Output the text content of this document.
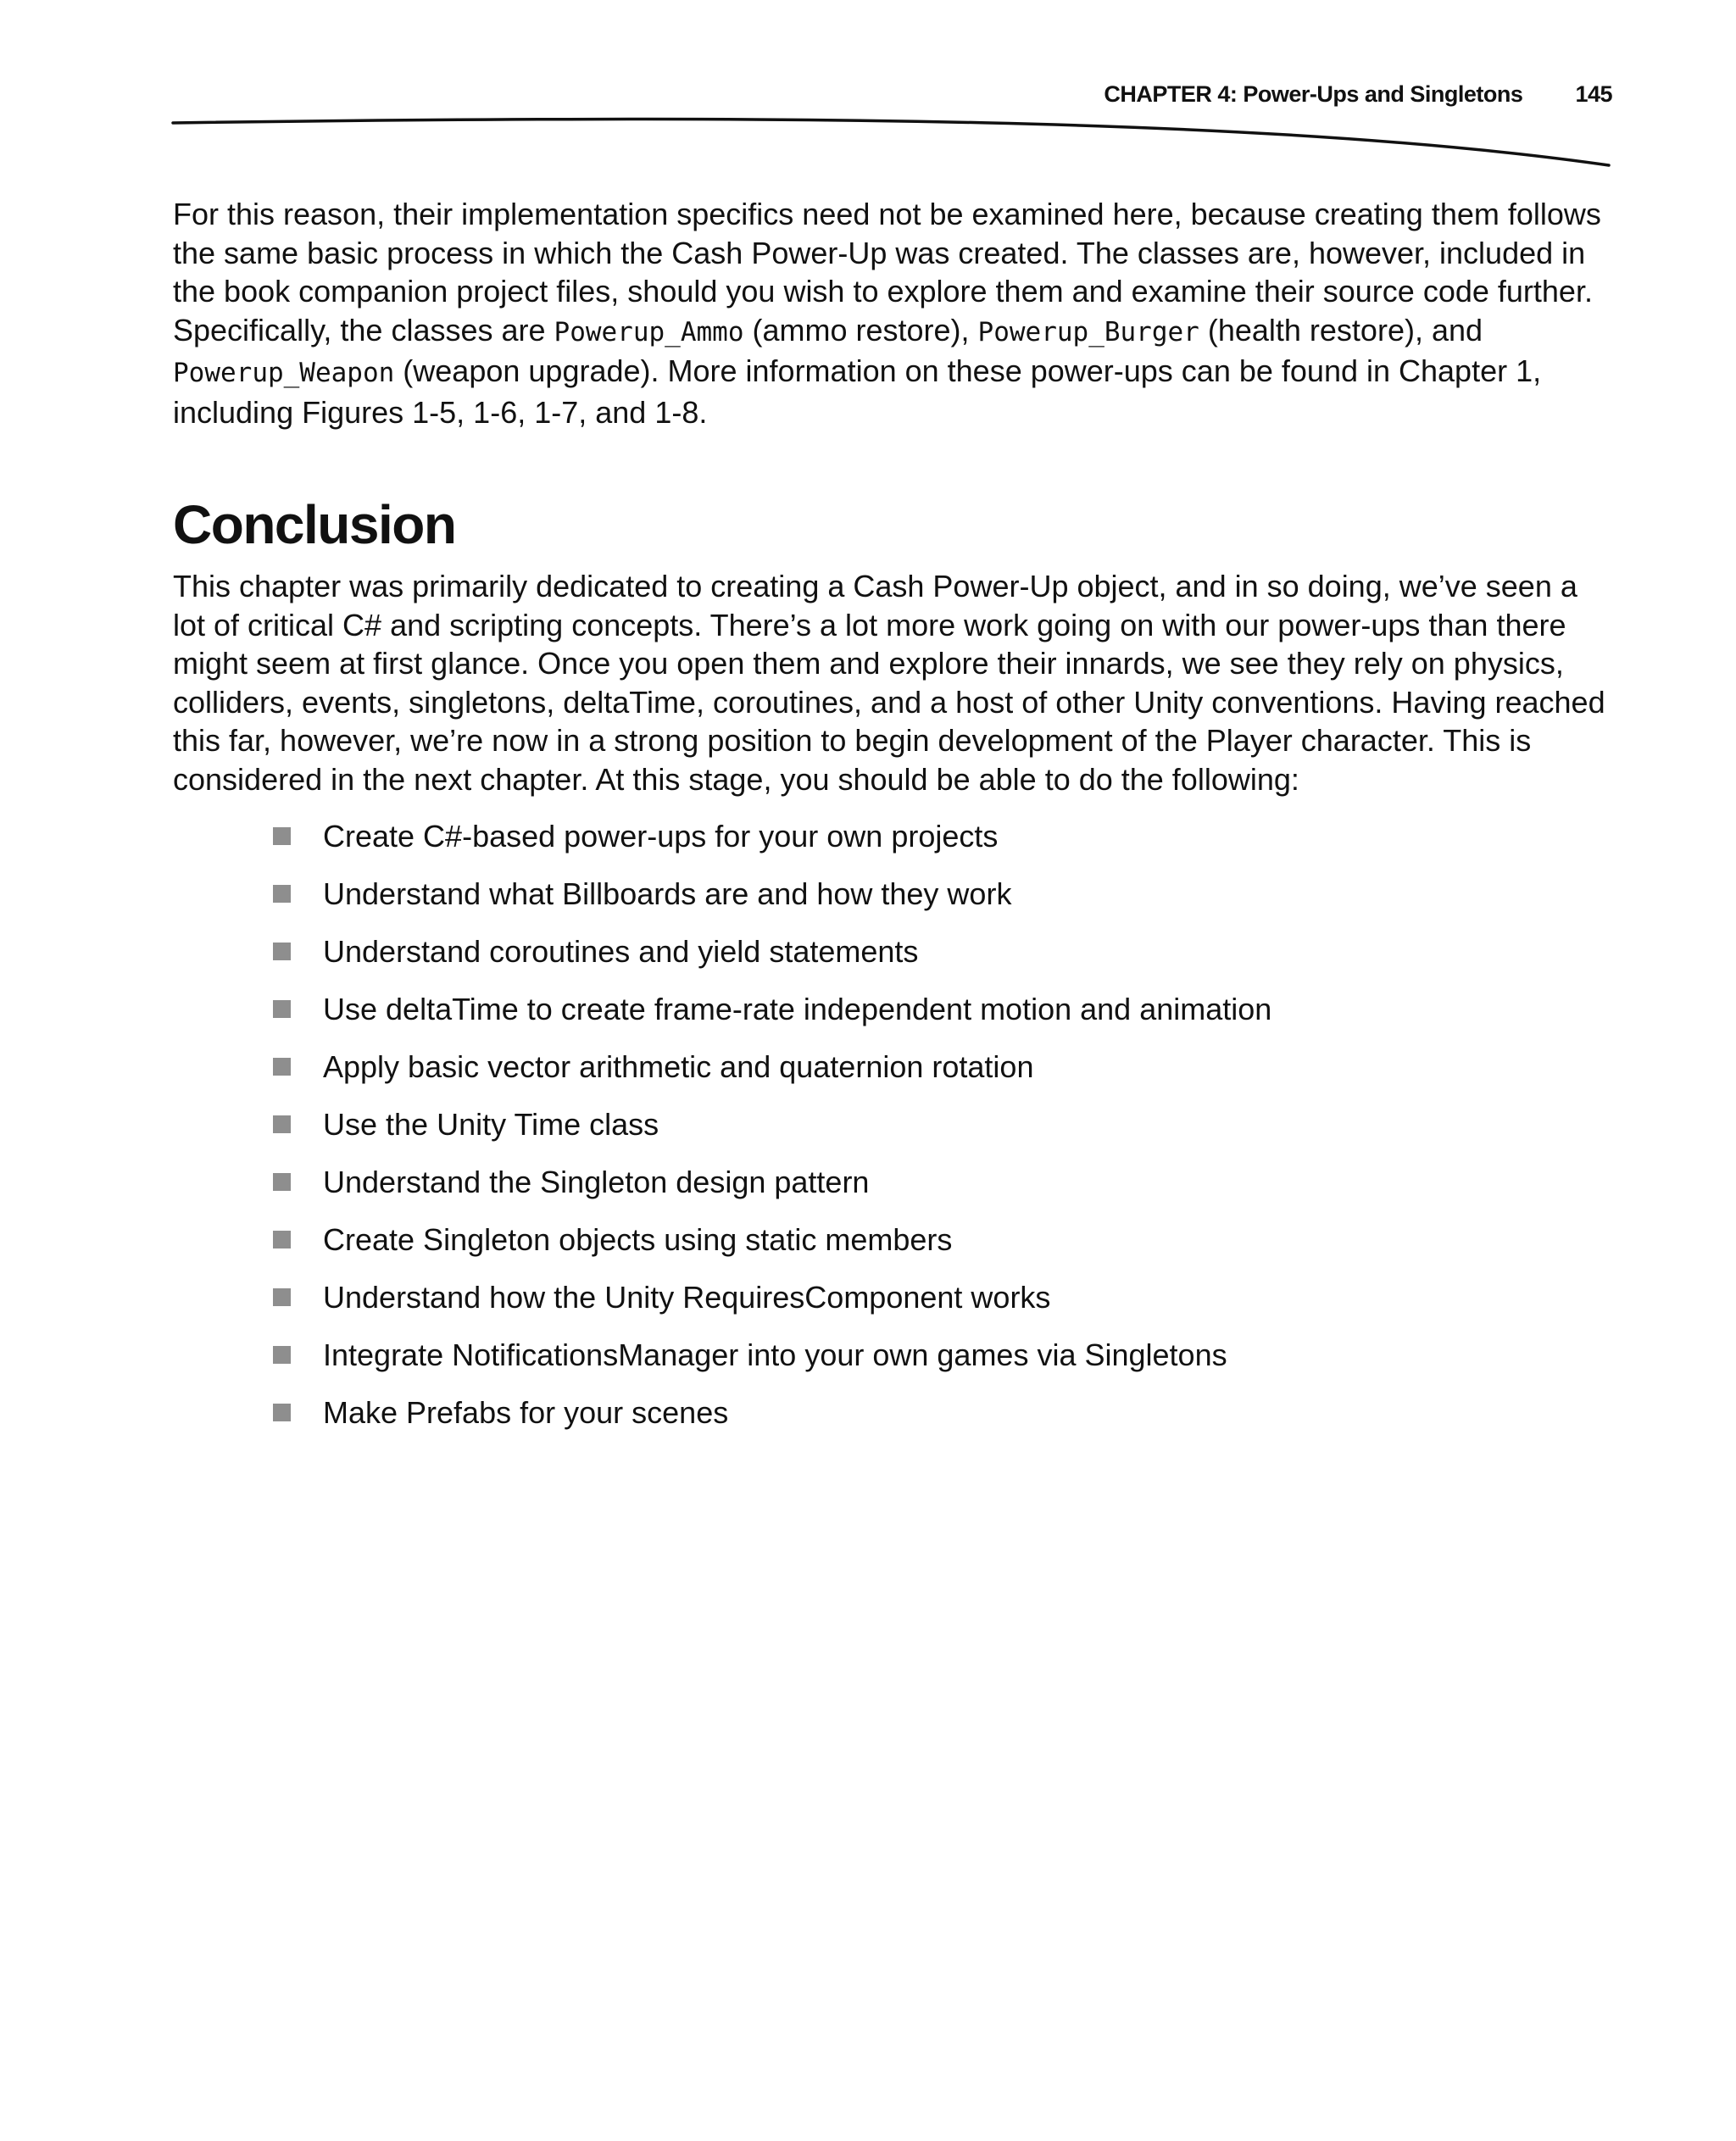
CHAPTER 4: Power-Ups and Singletons 145

For this reason, their implementation specifics need not be examined here, because creating them follows the same basic process in which the Cash Power-Up was created. The classes are, however, included in the book companion project files, should you wish to explore them and examine their source code further. Specifically, the classes are Powerup_Ammo (ammo restore), Powerup_Burger (health restore), and Powerup_Weapon (weapon upgrade). More information on these power-ups can be found in Chapter 1, including Figures 1-5, 1-6, 1-7, and 1-8.

Conclusion

This chapter was primarily dedicated to creating a Cash Power-Up object, and in so doing, we’ve seen a lot of critical C# and scripting concepts. There’s a lot more work going on with our power-ups than there might seem at first glance. Once you open them and explore their innards, we see they rely on physics, colliders, events, singletons, deltaTime, coroutines, and a host of other Unity conventions. Having reached this far, however, we’re now in a strong position to begin development of the Player character. This is considered in the next chapter. At this stage, you should be able to do the following:

Create C#-based power-ups for your own projects
Understand what Billboards are and how they work
Understand coroutines and yield statements
Use deltaTime to create frame-rate independent motion and animation
Apply basic vector arithmetic and quaternion rotation
Use the Unity Time class
Understand the Singleton design pattern
Create Singleton objects using static members
Understand how the Unity RequiresComponent works
Integrate NotificationsManager into your own games via Singletons
Make Prefabs for your scenes
